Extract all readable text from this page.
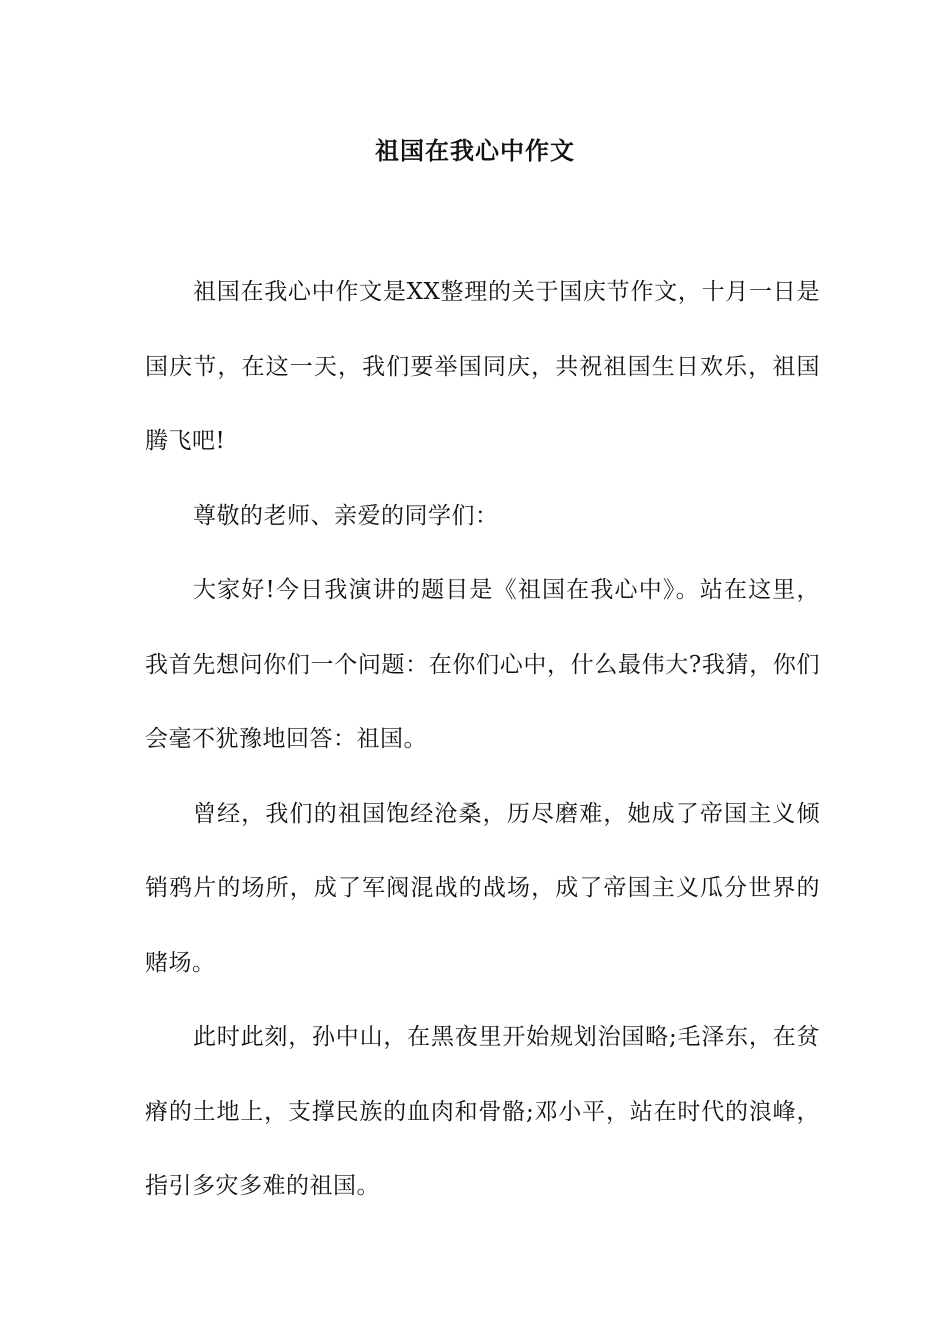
祖国在我心中作文

祖国在我心中作文是XX整理的关于国庆节作文，十月一日是国庆节，在这一天，我们要举国同庆，共祝祖国生日欢乐，祖国腾飞吧!

尊敬的老师、亲爱的同学们：

大家好!今日我演讲的题目是《祖国在我心中》。站在这里，我首先想问你们一个问题：在你们心中，什么最伟大?我猜，你们会毫不犹豫地回答：祖国。

曾经，我们的祖国饱经沧桑，历尽磨难，她成了帝国主义倾销鸦片的场所，成了军阀混战的战场，成了帝国主义瓜分世界的赌场。

此时此刻，孙中山，在黑夜里开始规划治国略;毛泽东，在贫瘠的土地上，支撑民族的血肉和骨骼;邓小平，站在时代的浪峰，指引多灾多难的祖国。
